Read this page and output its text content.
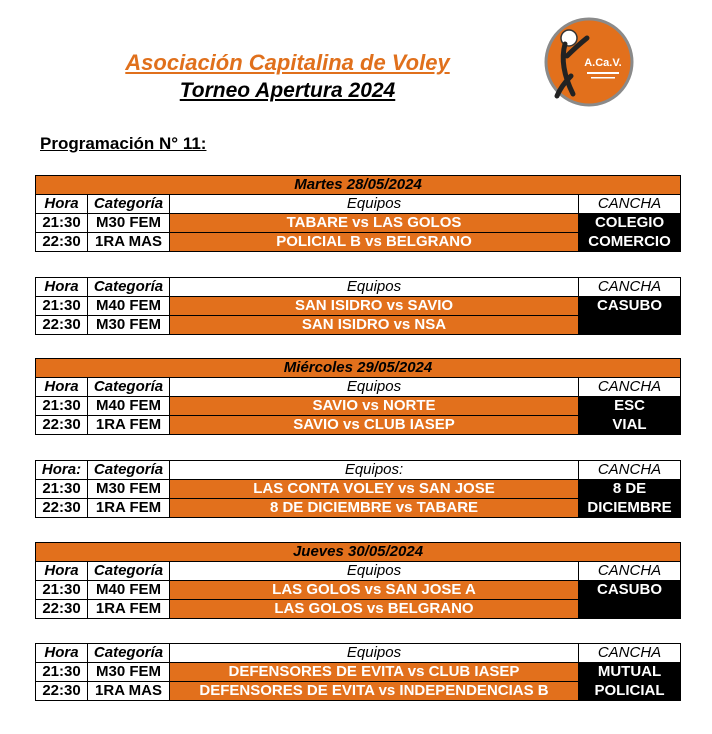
Asociación Capitalina de Voley
Torneo Apertura 2024
A.Ca.V.
Programación N° 11:
Martes 28/05/2024			
Hora	Categoría	Equipos	CANCHA
21:30	M30 FEM	TABARE vs LAS GOLOS	COLEGIO
22:30	1RA MAS	POLICIAL B vs BELGRANO	COMERCIO
Hora	Categoría	Equipos	CANCHA
21:30	M40 FEM	SAN ISIDRO vs SAVIO	CASUBO
22:30	M30 FEM	SAN ISIDRO vs NSA	
Miércoles 29/05/2024			
Hora	Categoría	Equipos	CANCHA
21:30	M40 FEM	SAVIO vs NORTE	ESC
22:30	1RA FEM	SAVIO vs CLUB IASEP	VIAL
Hora:	Categoría	Equipos:	CANCHA
21:30	M30 FEM	LAS CONTA VOLEY vs SAN JOSE	8 DE
22:30	1RA FEM	8 DE DICIEMBRE vs TABARE	DICIEMBRE
Jueves 30/05/2024			
Hora	Categoría	Equipos	CANCHA
21:30	M40 FEM	LAS GOLOS vs SAN JOSE A	CASUBO
22:30	1RA FEM	LAS GOLOS vs BELGRANO	
Hora	Categoría	Equipos	CANCHA
21:30	M30 FEM	DEFENSORES DE EVITA vs CLUB IASEP	MUTUAL
22:30	1RA MAS	DEFENSORES DE EVITA vs INDEPENDENCIAS B	POLICIAL
